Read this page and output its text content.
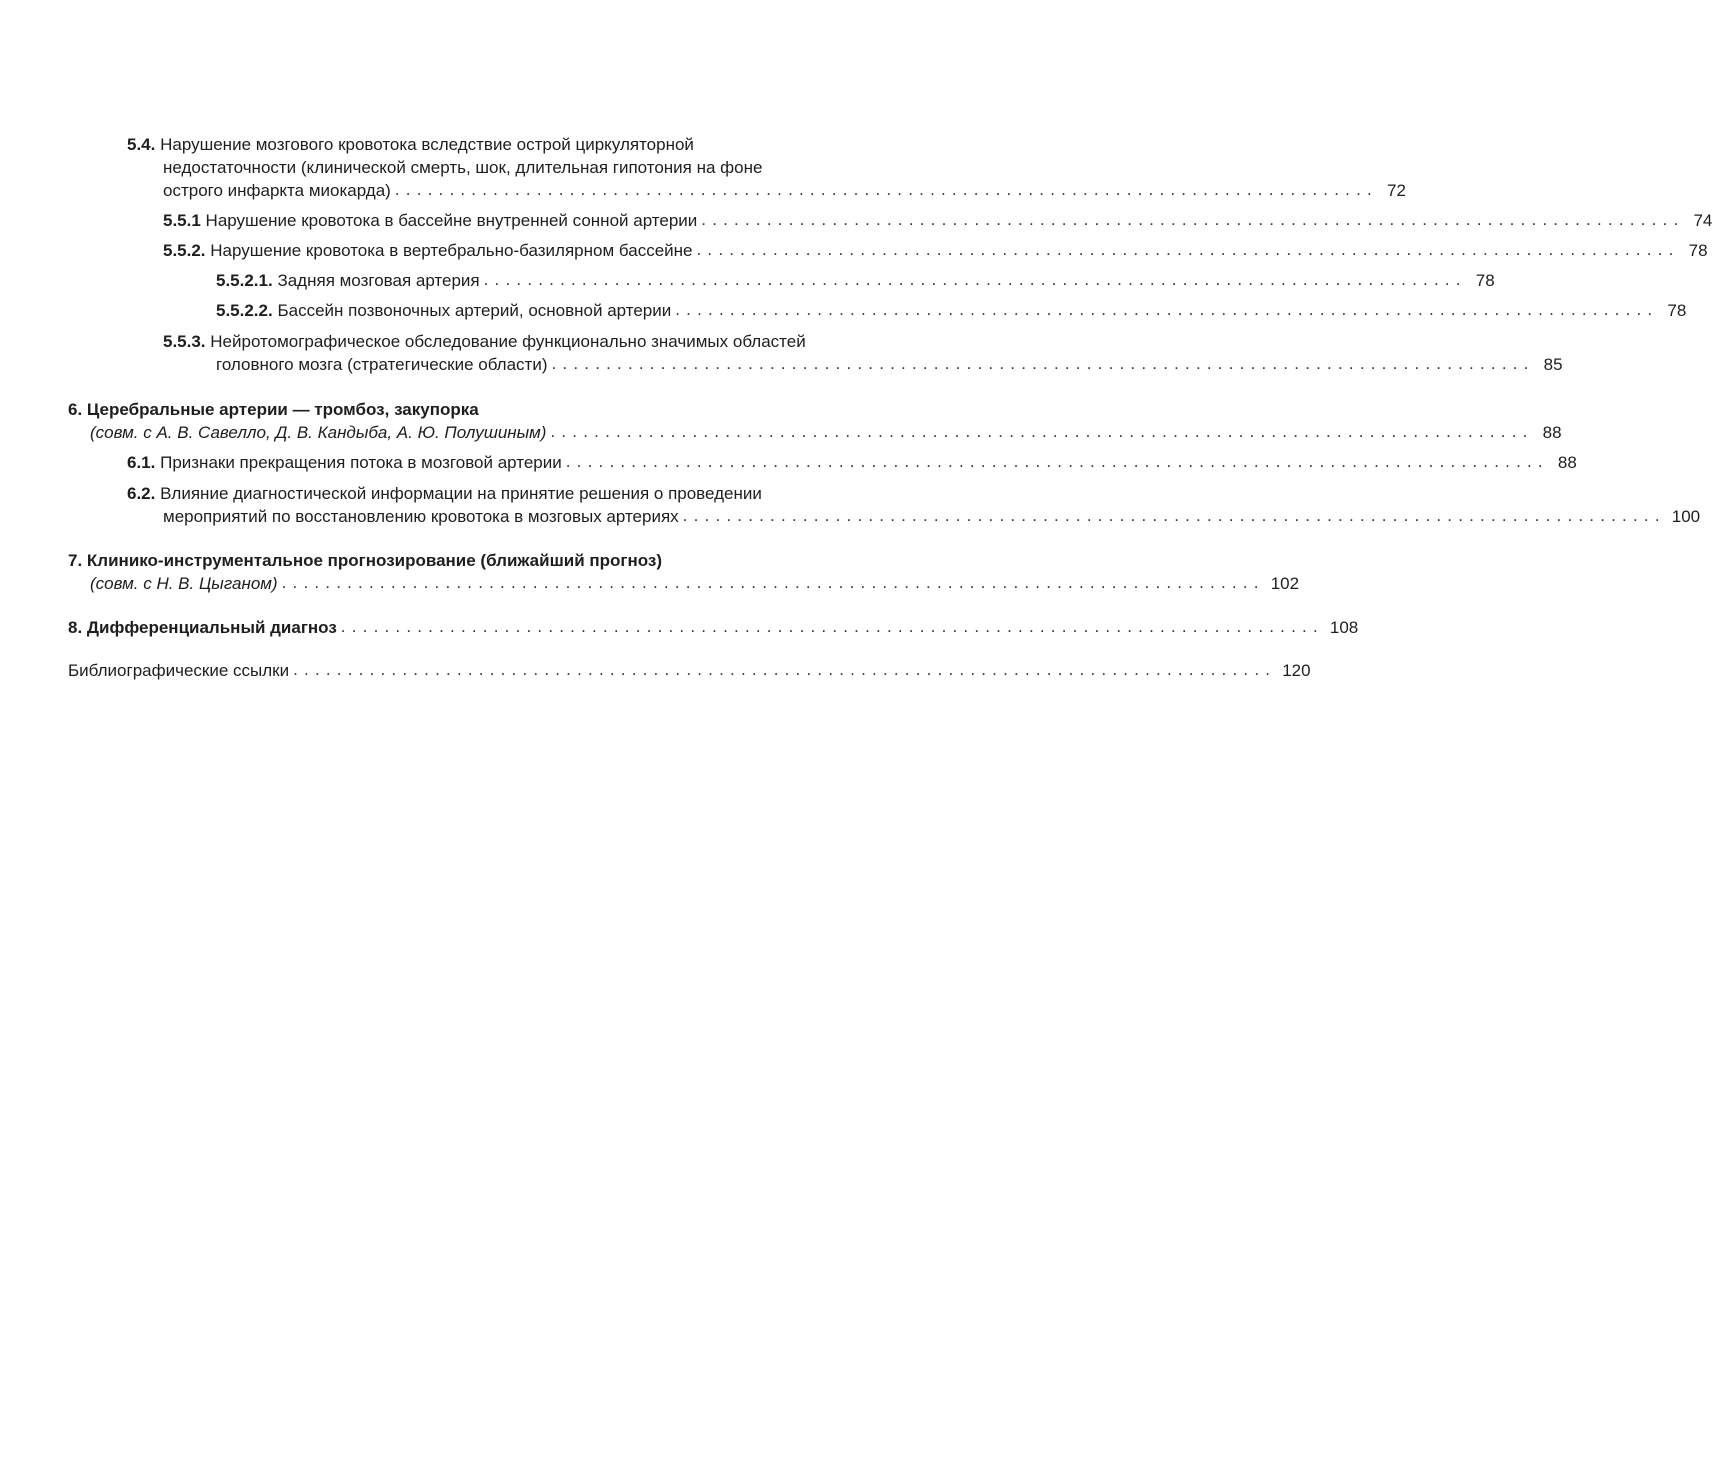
5.4. Нарушение мозгового кровотока вследствие острой циркуляторной
недостаточности (клинической смерть, шок, длительная гипотония на фоне
острого инфаркта миокарда) .......................................................................................... 72
5.5.1 Нарушение кровотока в бассейне внутренней сонной артерии .......................................................................................... 74
5.5.2. Нарушение кровотока в вертебрально-базилярном бассейне .......................................................................................... 78
5.5.2.1. Задняя мозговая артерия .......................................................................................... 78
5.5.2.2. Бассейн позвоночных артерий, основной артерии .......................................................................................... 78
5.5.3. Нейротомографическое обследование функционально значимых областей
головного мозга (стратегические области) .......................................................................................... 85
6. Церебральные артерии — тромбоз, закупорка
(совм. с А. В. Савелло, Д. В. Кандыба, А. Ю. Полушиным) .......................................................................................... 88
6.1. Признаки прекращения потока в мозговой артерии .......................................................................................... 88
6.2. Влияние диагностической информации на принятие решения о проведении
мероприятий по восстановлению кровотока в мозговых артериях .......................................................................................... 100
7. Клинико-инструментальное прогнозирование (ближайший прогноз)
(совм. с Н. В. Цыганом) .......................................................................................... 102
8. Дифференциальный диагноз .......................................................................................... 108
Библиографические ссылки .......................................................................................... 120
